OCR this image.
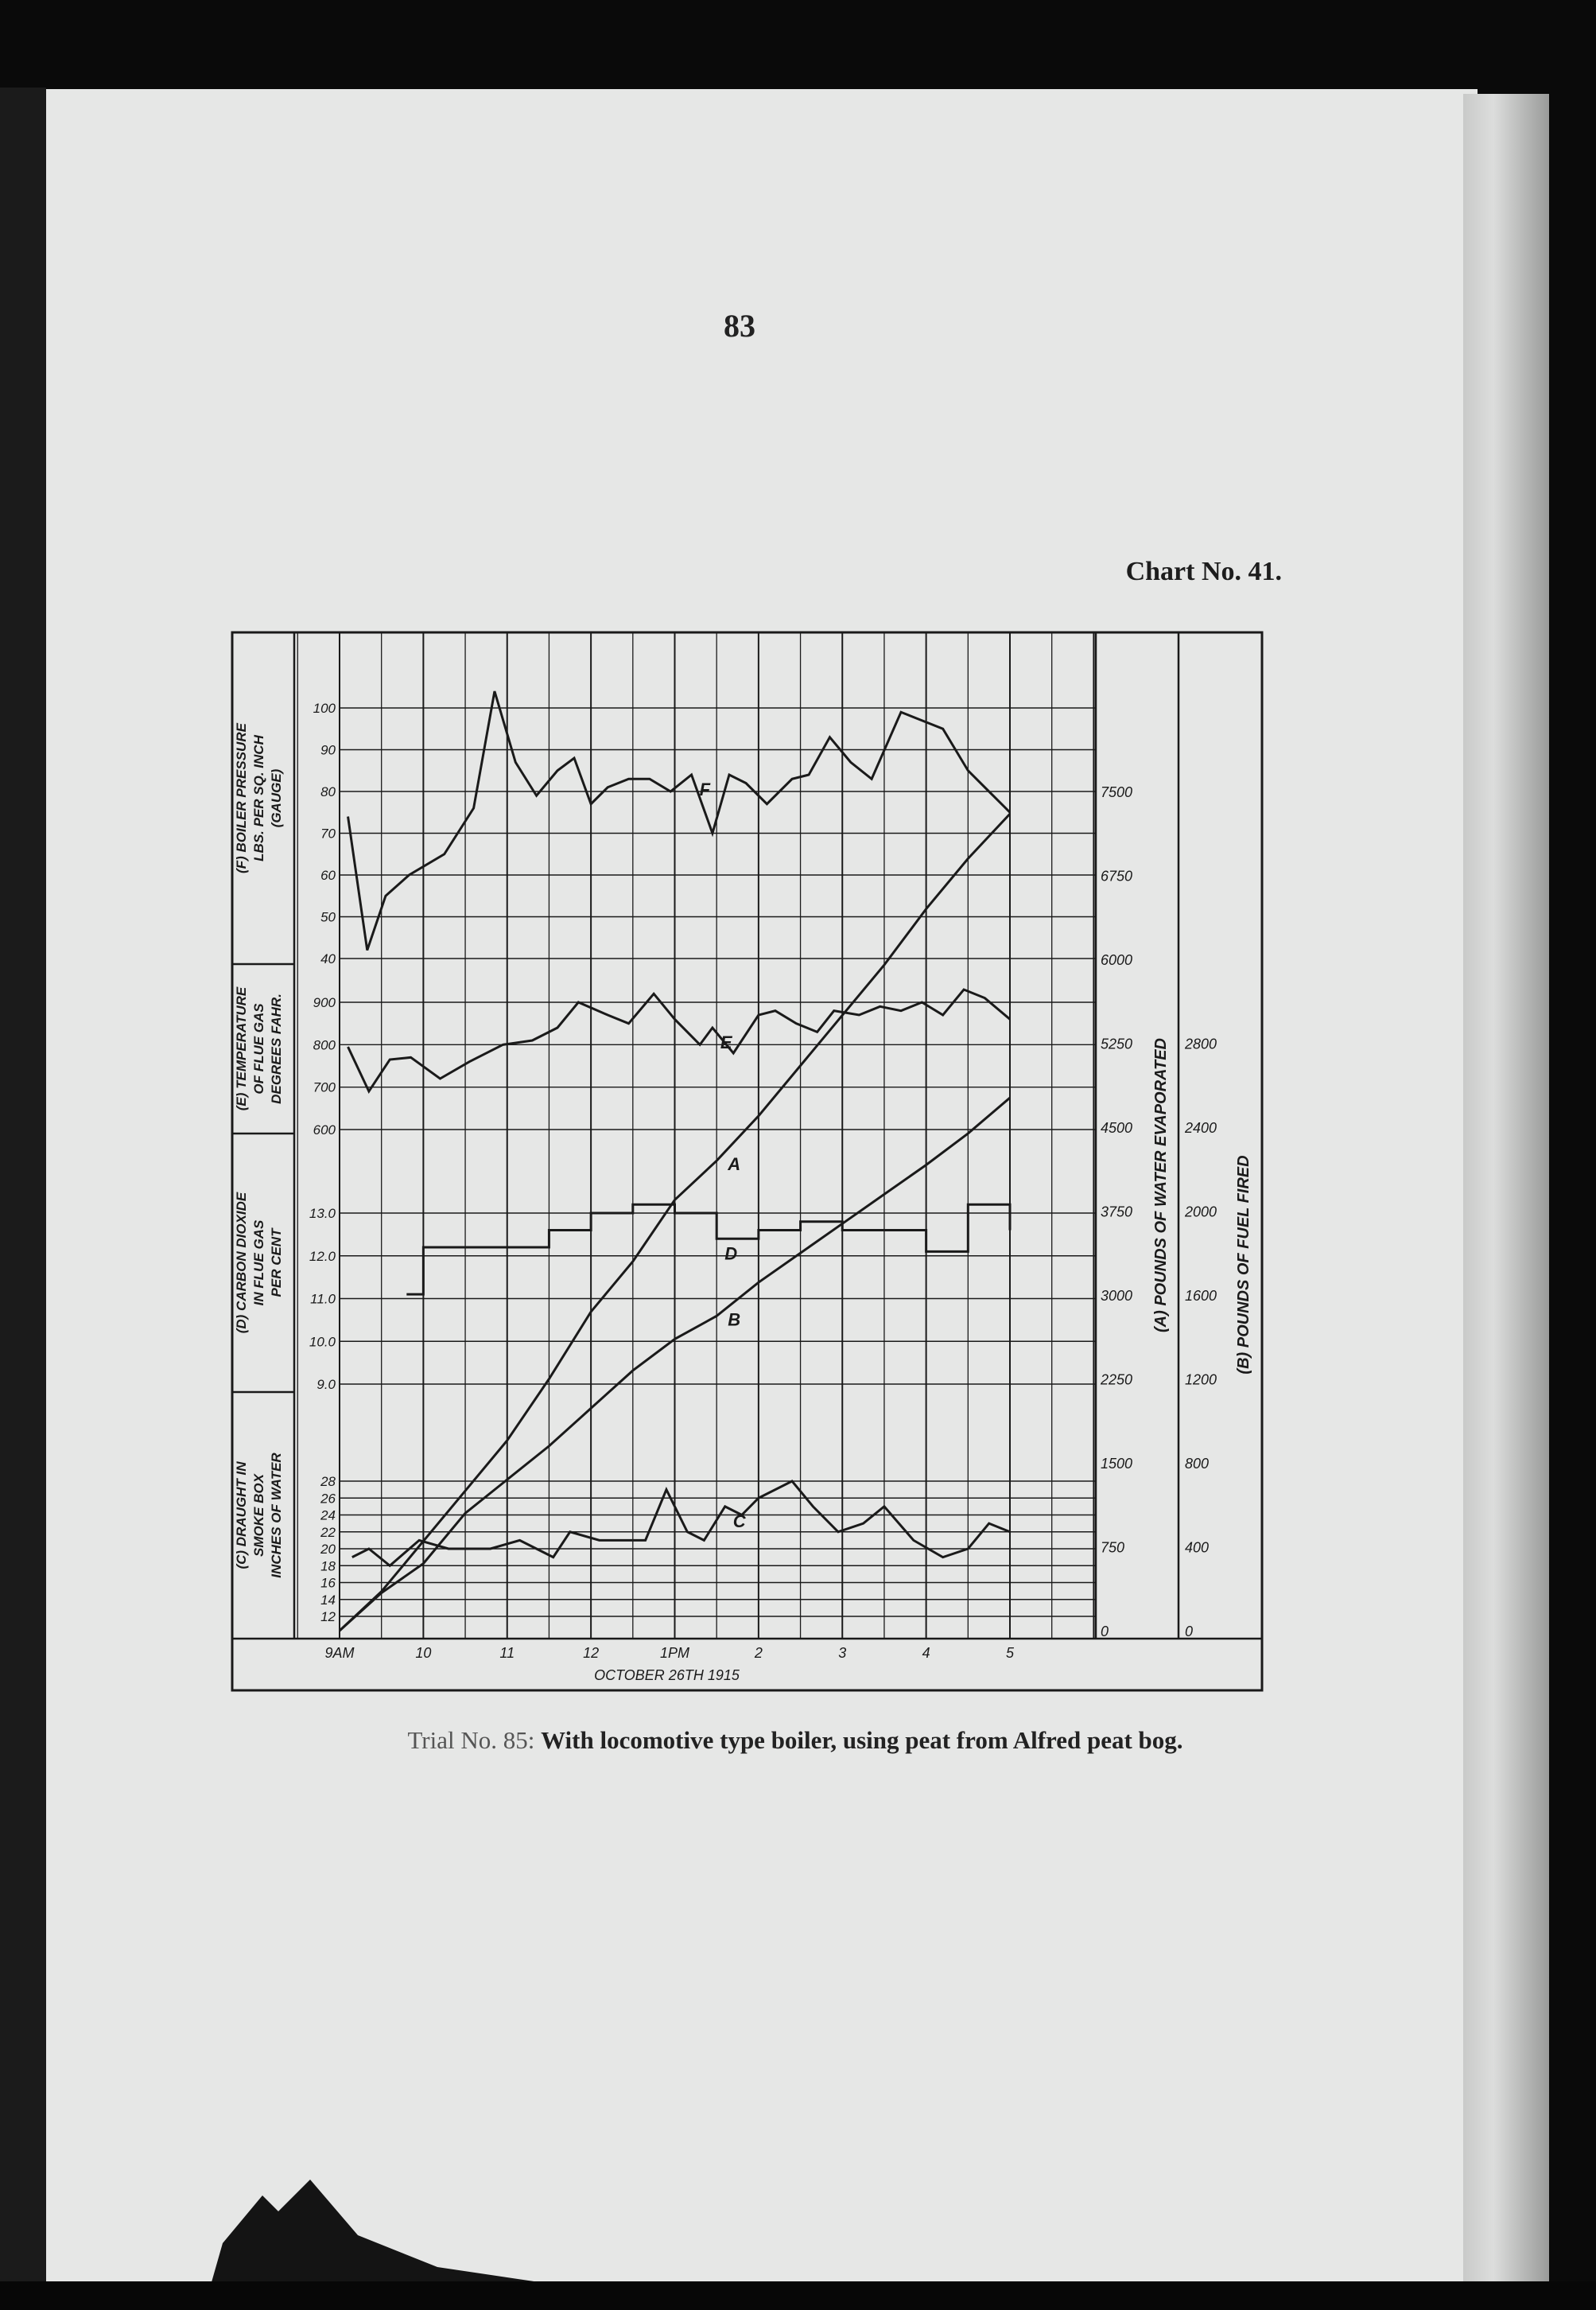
83
Chart No. 41.
(F) BOILER PRESSURE LBS. PER SQ. INCH (GAUGE)
100
90
80
70
60
50
40
F
(E) TEMPERATURE OF FLUE GAS DEGREES FAHR. 900
800
700
600
E
(D) CARBON DIOXIDE IN FLUE GAS PER CENT
13.0
12.0
11.0
10.0
9.0
D
(C) DRAUGHT IN SMOKE BOX INCHES OF WATER	28
26
24
22
20
18
16
14
12
C
0
750
1500
2250
3000
3750
4500
5250
6000
6750
7500
0
400
800
1200
1600
2000
2400
2800
(A) POUNDS OF WATER EVAPORATED	(B) POUNDS OF FUEL FIRED
A
B
9AM	10	11	12	1PM	2	3	4	5
OCTOBER 26TH 1915
Trial No. 85: With locomotive type boiler, using peat from Alfred peat bog.
